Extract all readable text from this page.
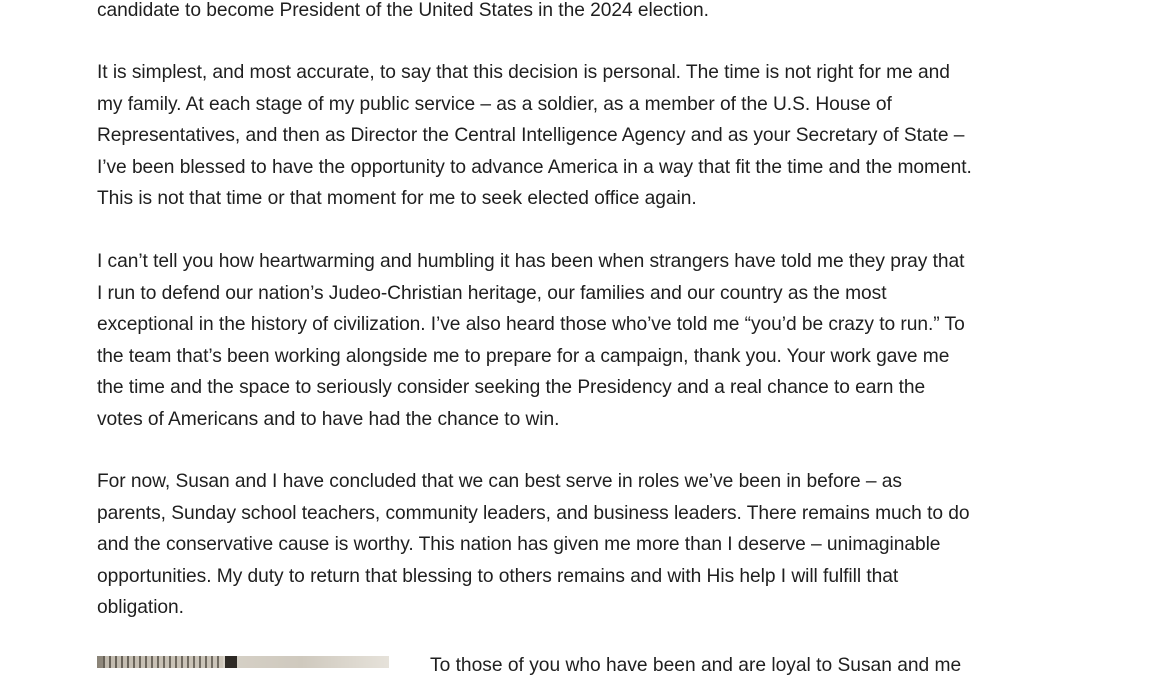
candidate to become President of the United States in the 2024 election.

It is simplest, and most accurate, to say that this decision is personal. The time is not right for me and
my family. At each stage of my public service – as a soldier, as a member of the U.S. House of
Representatives, and then as Director the Central Intelligence Agency and as your Secretary of State –
I’ve been blessed to have the opportunity to advance America in a way that fit the time and the moment.
This is not that time or that moment for me to seek elected office again.

I can’t tell you how heartwarming and humbling it has been when strangers have told me they pray that
I run to defend our nation’s Judeo-Christian heritage, our families and our country as the most
exceptional in the history of civilization. I’ve also heard those who’ve told me “you’d be crazy to run.” To
the team that’s been working alongside me to prepare for a campaign, thank you. Your work gave me
the time and the space to seriously consider seeking the Presidency and a real chance to earn the
votes of Americans and to have had the chance to win.

For now, Susan and I have concluded that we can best serve in roles we’ve been in before – as
parents, Sunday school teachers, community leaders, and business leaders. There remains much to do
and the conservative cause is worthy. This nation has given me more than I deserve – unimaginable
opportunities. My duty to return that blessing to others remains and with His help I will fulfill that
obligation.

To those of you who have been and are loyal to Susan and me
